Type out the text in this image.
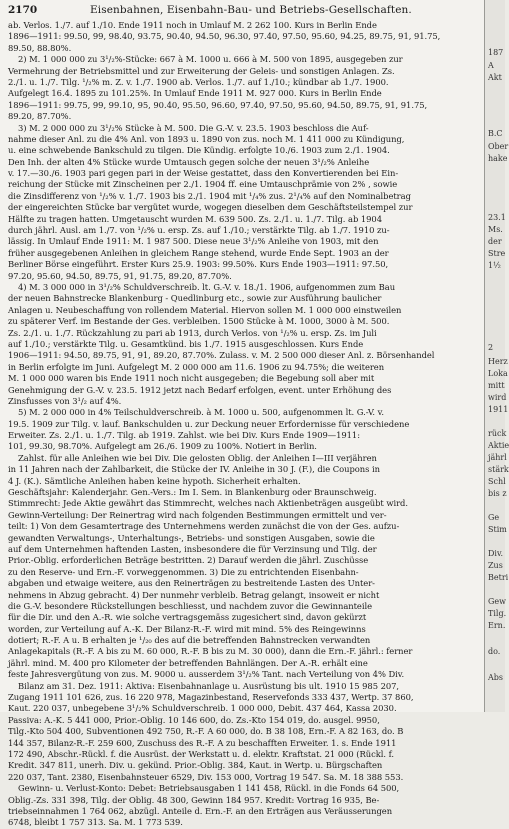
2170	Eisenbahnen, Eisenbahn-Bau- und Betriebs-Gesellschaften.
ab. Verlos. 1./7. auf 1./10. Ende 1911 noch in Umlauf M. 2 262 100. Kurs in Berlin Ende
1896—1911: 99.50, 99, 98.40, 93.75, 90.40, 94.50, 96.30, 97.40, 97.50, 95.60, 94.25, 89.75, 91, 91.75,
89.50, 88.80%.
2) M. 1 000 000 zu 3¹/₂%-Stücke: 667 à M. 1000 u. 666 à M. 500 von 1895, ausgegeben zur
Vermehrung der Betriebsmittel und zur Erweiterung der Geleis- und sonstigen Anlagen. Zs.
2./1. u. 1./7. Tilg. ¹/₂% m. Z. v. 1./7. 1900 ab. Verlos. 1./7. auf 1./10.; kündbar ab 1./7. 1900.
Aufgelegt 16.4. 1895 zu 101.25%. In Umlauf Ende 1911 M. 927 000. Kurs in Berlin Ende
1896—1911: 99.75, 99, 99.10, 95, 90.40, 95.50, 96.60, 97.40, 97.50, 95.60, 94.50, 89.75, 91, 91.75,
89.20, 87.70%.
3) M. 2 000 000 zu 3¹/₂% Stücke à M. 500. Die G.-V. v. 23.5. 1903 beschloss die Auf-
nahme dieser Anl. zu die 4% Anl. von 1893 u. 1890 von zus. noch M. 1 411 000 zu Kündigung,
u. eine schwebende Bankschuld zu tilgen. Die Kündig. erfolgte 10./6. 1903 zum 2./1. 1904.
Den Inh. der alten 4% Stücke wurde Umtausch gegen solche der neuen 3¹/₂% Anleihe
v. 17.—30./6. 1903 pari gegen pari in der Weise gestattet, dass den Konvertierenden bei Ein-
reichung der Stücke mit Zinscheinen per 2./1. 1904 ff. eine Umtauschprämie von 2% , sowie
die Zinsdifferenz von ¹/₂% v. 1./7. 1903 bis 2./1. 1904 mit ¹/₄% zus. 2¹/₄% auf den Nominalbetrag
der eingereichten Stücke bar vergütet wurde, wogegen dieselben dem Geschäftsteilstempel zur
Hälfte zu tragen hatten. Umgetauscht wurden M. 639 500. Zs. 2./1. u. 1./7. Tilg. ab 1904
durch jährl. Ausl. am 1./7. von ¹/₂% u. ersp. Zs. auf 1./10.; verstärkte Tilg. ab 1./7. 1910 zu-
lässig. In Umlauf Ende 1911: M. 1 987 500. Diese neue 3¹/₂% Anleihe von 1903, mit den
früher ausgegebenen Anleihen in gleichem Range stehend, wurde Ende Sept. 1903 an der
Berliner Börse eingeführt. Erster Kurs 25.9. 1903: 99.50%. Kurs Ende 1903—1911: 97.50,
97.20, 95.60, 94.50, 89.75, 91, 91.75, 89.20, 87.70%.
4) M. 3 000 000 in 3¹/₂% Schuldverschreib. lt. G.-V. v. 18./1. 1906, aufgenommen zum Bau
der neuen Bahnstrecke Blankenburg - Quedlinburg etc., sowie zur Ausführung baulicher
Anlagen u. Neubeschaffung von rollendem Material. Hiervon sollen M. 1 000 000 einstweilen
zu späterer Verf. im Bestande der Ges. verbleiben. 1500 Stücke à M. 1000, 3000 à M. 500.
Zs. 2./1. u. 1./7. Rückzahlung zu pari ab 1913, durch Verlos. von ¹/₂% u. ersp. Zs. im Juli
auf 1./10.; verstärkte Tilg. u. Gesamtkünd. bis 1./7. 1915 ausgeschlossen. Kurs Ende
1906—1911: 94.50, 89.75, 91, 91, 89.20, 87.70%. Zulass. v. M. 2 500 000 dieser Anl. z. Börsenhandel
in Berlin erfolgte im Juni. Aufgelegt M. 2 000 000 am 11.6. 1906 zu 94.75%; die weiteren
M. 1 000 000 waren bis Ende 1911 noch nicht ausgegeben; die Begebung soll aber mit
Genehmigung der G.-V. v. 23.5. 1912 jetzt nach Bedarf erfolgen, event. unter Erhöhung des
Zinsfusses von 3¹/₂ auf 4%.
5) M. 2 000 000 in 4% Teilschuldverschreib. à M. 1000 u. 500, aufgenommen lt. G.-V. v.
19.5. 1909 zur Tilg. v. lauf. Bankschulden u. zur Deckung neuer Erfordernisse für verschiedene
Erweiter. Zs. 2./1. u. 1./7. Tilg. ab 1919. Zahlst. wie bei Div. Kurs Ende 1909—1911:
101, 99.30, 98.70%. Aufgelegt am 26./6. 1909 zu 100%. Notiert in Berlin.
Zahlst. für alle Anleihen wie bei Div. Die gelosten Oblig. der Anleihen I—III verjähren
in 11 Jahren nach der Zahlbarkeit, die Stücke der IV. Anleihe in 30 J. (F.), die Coupons in
4 J. (K.). Sämtliche Anleihen haben keine hypoth. Sicherheit erhalten.
Geschäftsjahr: Kalenderjahr. Gen.-Vers.: Im I. Sem. in Blankenburg oder Braunschweig.
Stimmrecht: Jede Aktie gewährt das Stimmrecht, welches nach Aktienbeträgen ausgeübt wird.
Gewinn-Verteilung: Der Reinertrag wird nach folgenden Bestimmungen ermittelt und ver-
teilt: 1) Von dem Gesamtertrage des Unternehmens werden zunächst die von der Ges. aufzu-
gewandten Verwaltungs-, Unterhaltungs-, Betriebs- und sonstigen Ausgaben, sowie die
auf dem Unternehmen haftenden Lasten, insbesondere die für Verzinsung und Tilg. der
Prior.-Oblig. erforderlichen Beträge bestritten. 2) Darauf werden die jährl. Zuschüsse
zu den Reserve- und Ern.-F. vorweggenommen. 3) Die zu entrichtenden Eisenbahn-
abgaben und etwaige weitere, aus den Reinerträgen zu bestreitende Lasten des Unter-
nehmens in Abzug gebracht. 4) Der nunmehr verbleib. Betrag gelangt, insoweit er nicht
die G.-V. besondere Rückstellungen beschliesst, und nachdem zuvor die Gewinnanteile
für die Dir. und den A.-R. wie solche vertragsgemäss zugesichert sind, davon gekürzt
worden, zur Verteilung auf A.-K. Der Bilanz-R.-F. wird mit mind. 5% des Reingewinns
dotiert; R.-F. A u. B erhalten je ¹/₂₀ des auf die betreffenden Bahnstrecken verwandten
Anlagekapitals (R.-F. A bis zu M. 60 000, R.-F. B bis zu M. 30 000), dann die Ern.-F. jährl.: ferner
jährl. mind. M. 400 pro Kilometer der betreffenden Bahnlängen. Der A.-R. erhält eine
feste Jahresvergütung von zus. M. 9000 u. ausserdem 3¹/₂% Tant. nach Verteilung von 4% Div.
Bilanz am 31. Dez. 1911: Aktiva: Eisenbahnanlage u. Ausrüstung bis ult. 1910 15 985 207,
Zugang 1911 101 626, zus. 16 220 978, Magazinbestand, Reservefonds 333 437, Wertp. 37 860,
Kaut. 220 037, unbegebene 3¹/₂% Schuldverschreib. 1 000 000, Debit. 437 464, Kassa 2030.
Passiva: A.-K. 5 441 000, Prior.-Oblig. 10 146 600, do. Zs.-Kto 154 019, do. ausgel. 9950,
Tilg.-Kto 504 400, Subventionen 492 750, R.-F. A 60 000, do. B 38 108, Ern.-F. A 82 163, do. B
144 357, Bilanz-R.-F. 259 600, Zuschuss des R.-F. A zu beschafften Erweiter. 1. s. Ende 1911
172 490, Abschr.-Rückl. f. die Ausrüst. der Werkstatt u. d. elektr. Kraftstat. 21 000 (Rückl. f.
Kredit. 347 811, unerh. Div. u. gekünd. Prior.-Oblig. 384, Kaut. in Wertp. u. Bürgschaften
220 037, Tant. 2380, Eisenbahnsteuer 6529, Div. 153 000, Vortrag 19 547. Sa. M. 18 388 553.
Gewinn- u. Verlust-Konto: Debet: Betriebsausgaben 1 141 458, Rückl. in die Fonds 64 500,
Oblig.-Zs. 331 398, Tilg. der Oblig. 48 300, Gewinn 184 957. Kredit: Vortrag 16 935, Be-
triebseinnahmen 1 764 062, abzügl. Anteile d. Ern.-F. an den Erträgen aus Veräusserungen
6748, bleibt 1 757 313. Sa. M. 1 773 539.
187
A
Akt
B.C
Ober
hake
23.1
Ms.
der
Stre
1½
2
Herz
Loka
mitt
wird
1911
rück
Aktie
jährl
stärk
Schl
bis z
Ge
Stim
Div.
Zus
Betri
Gew
Tilg.
Ern.
do.
Abs
